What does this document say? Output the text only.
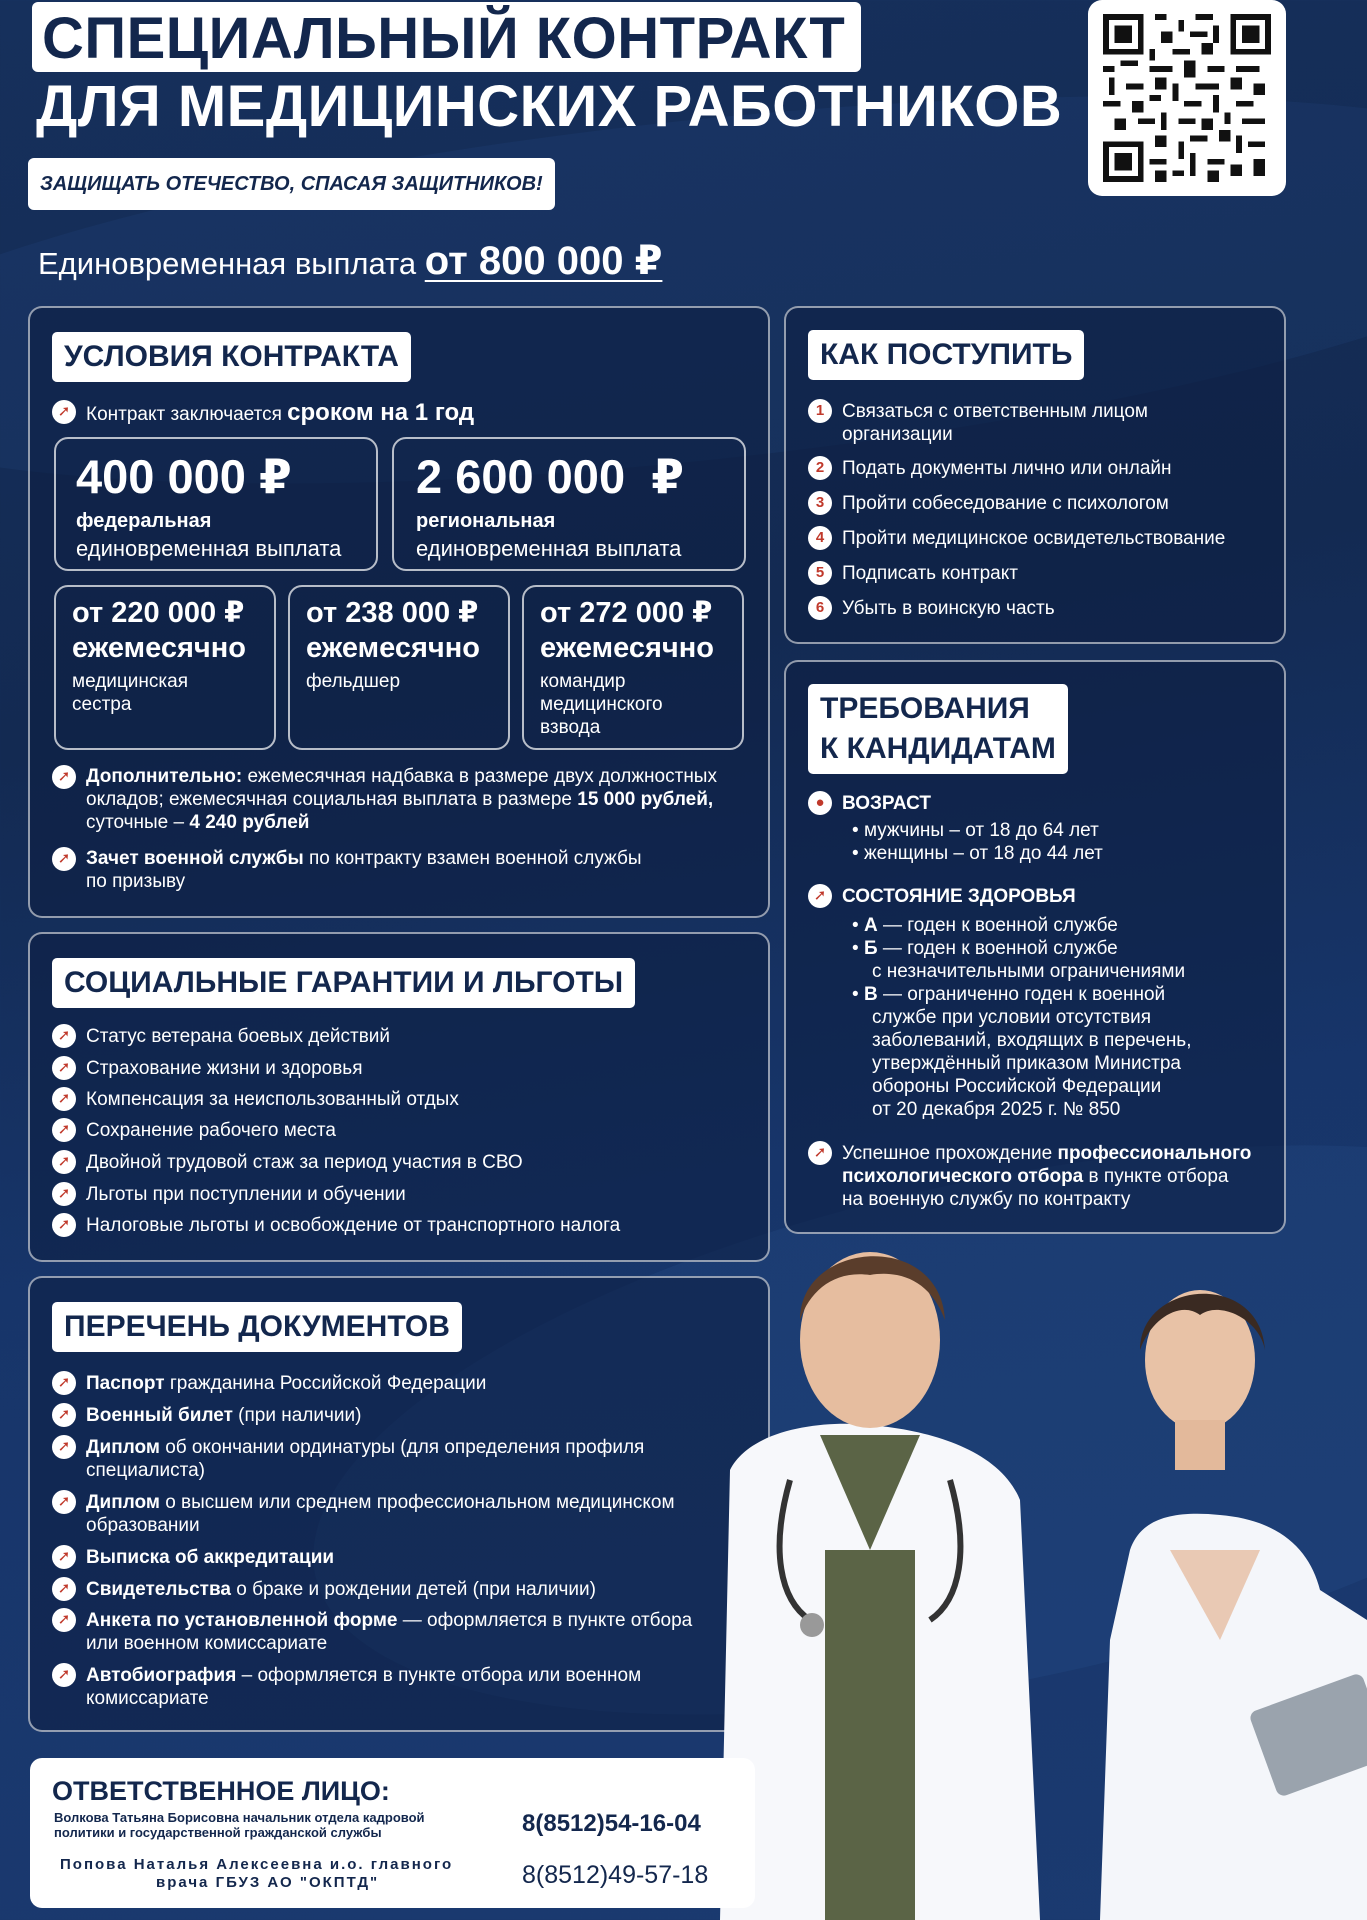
СПЕЦИАЛЬНЫЙ КОНТРАКТ
ДЛЯ МЕДИЦИНСКИХ РАБОТНИКОВ
ЗАЩИЩАТЬ ОТЕЧЕСТВО, СПАСАЯ ЗАЩИТНИКОВ!
Единовременная выплата от 800 000 ₽
УСЛОВИЯ КОНТРАКТА
➚ Контракт заключается сроком на 1 год
400 000 ₽
федеральная
единовременная выплата
2 600 000  ₽
региональная
единовременная выплата
от 220 000 ₽
ежемесячно
медицинская
сестра
от 238 000 ₽
ежемесячно
фельдшер
от 272 000 ₽
ежемесячно
командир
медицинского
взвода
➚ Дополнительно: ежемесячная надбавка в размере двух должностных
окладов; ежемесячная социальная выплата в размере 15 000 рублей,
суточные – 4 240 рублей
➚ Зачет военной службы по контракту взамен военной службы
по призыву
КАК ПОСТУПИТЬ
1 Связаться с ответственным лицом
организации
2 Подать документы лично или онлайн
3 Пройти собеседование с психологом
4 Пройти медицинское освидетельствование
5 Подписать контракт
6 Убыть в воинскую часть
ТРЕБОВАНИЯ
К КАНДИДАТАМ
● ВОЗРАСТ
• мужчины – от 18 до 64 лет
• женщины – от 18 до 44 лет
➚ СОСТОЯНИЕ ЗДОРОВЬЯ
• А — годен к военной службе
• Б — годен к военной службе
с незначительными ограничениями
• В — ограниченно годен к военной
службе при условии отсутствия
заболеваний, входящих в перечень,
утверждённый приказом Министра
обороны Российской Федерации
от 20 декабря 2025 г. № 850
➚ Успешное прохождение профессионального
психологического отбора в пункте отбора
на военную службу по контракту
СОЦИАЛЬНЫЕ ГАРАНТИИ И ЛЬГОТЫ
➚ Статус ветерана боевых действий
➚ Страхование жизни и здоровья
➚ Компенсация за неиспользованный отдых
➚ Сохранение рабочего места
➚ Двойной трудовой стаж за период участия в СВО
➚ Льготы при поступлении и обучении
➚ Налоговые льготы и освобождение от транспортного налога
ПЕРЕЧЕНЬ ДОКУМЕНТОВ
➚ Паспорт гражданина Российской Федерации
➚ Военный билет (при наличии)
➚ Диплом об окончании ординатуры (для определения профиля
специалиста)
➚ Диплом о высшем или среднем профессиональном медицинском
образовании
➚ Выписка об аккредитации
➚ Свидетельства о браке и рождении детей (при наличии)
➚ Анкета по установленной форме — оформляется в пункте отбора
или военном комиссариате
➚ Автобиография – оформляется в пункте отбора или военном
комиссариате
ОТВЕТСТВЕННОЕ ЛИЦО:
Волкова Татьяна Борисовна начальник отдела кадровой
политики и государственной гражданской службы	8(8512)54-16-04
Попова Наталья Алексеевна и.о. главного
врача ГБУЗ АО "ОКПТД"	8(8512)49-57-18
